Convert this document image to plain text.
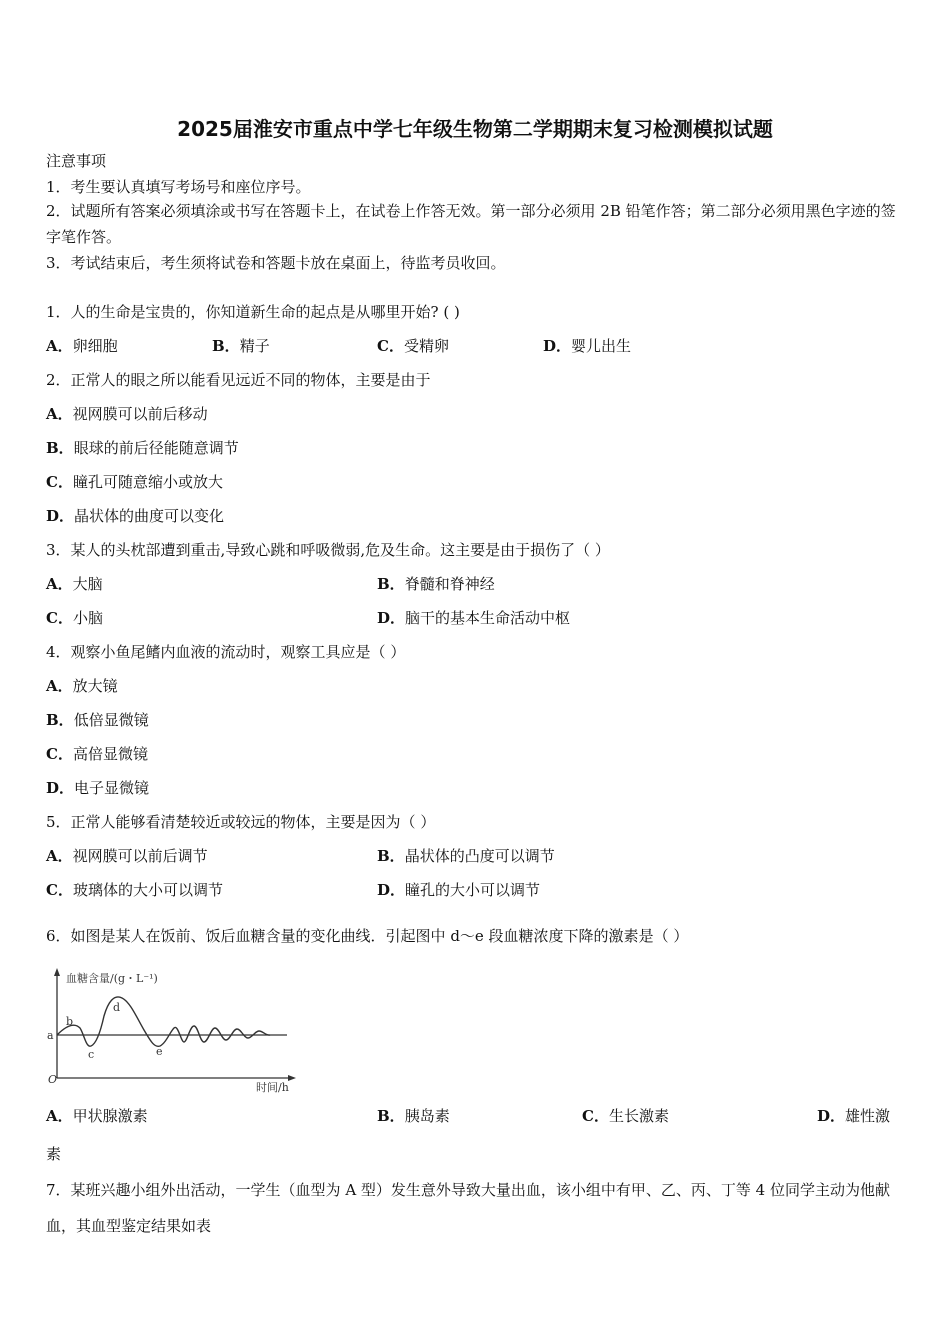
2025届淮安市重点中学七年级生物第二学期期末复习检测模拟试题
注意事项
1．考生要认真填写考场号和座位序号。
2．试题所有答案必须填涂或书写在答题卡上，在试卷上作答无效。第一部分必须用 2B 铅笔作答；第二部分必须用黑色字迹的签字笔作答。
3．考试结束后，考生须将试卷和答题卡放在桌面上，待监考员收回。
1．人的生命是宝贵的，你知道新生命的起点是从哪里开始? ( )
A．卵细胞	B．精子	C．受精卵	D．婴儿出生
2．正常人的眼之所以能看见远近不同的物体，主要是由于
A．视网膜可以前后移动
B．眼球的前后径能随意调节
C．瞳孔可随意缩小或放大
D．晶状体的曲度可以变化
3．某人的头枕部遭到重击,导致心跳和呼吸微弱,危及生命。这主要是由于损伤了（ ）
A．大脑	B．脊髓和脊神经
C．小脑	D．脑干的基本生命活动中枢
4．观察小鱼尾鳍内血液的流动时，观察工具应是（ ）
A．放大镜
B．低倍显微镜
C．高倍显微镜
D．电子显微镜
5．正常人能够看清楚较近或较远的物体，主要是因为（ ）
A．视网膜可以前后调节	B．晶状体的凸度可以调节
C．玻璃体的大小可以调节	D．瞳孔的大小可以调节
6．如图是某人在饭前、饭后血糖含量的变化曲线．引起图中 d～e 段血糖浓度下降的激素是（ ）
血糖含量/(g・L⁻¹)
时间/h
O
a
b
c
d
e
A．甲状腺激素	B．胰岛素	C．生长激素	D．雄性激
素
7．某班兴趣小组外出活动，一学生（血型为 A 型）发生意外导致大量出血，该小组中有甲、乙、丙、丁等 4 位同学主动为他献血，其血型鉴定结果如表
